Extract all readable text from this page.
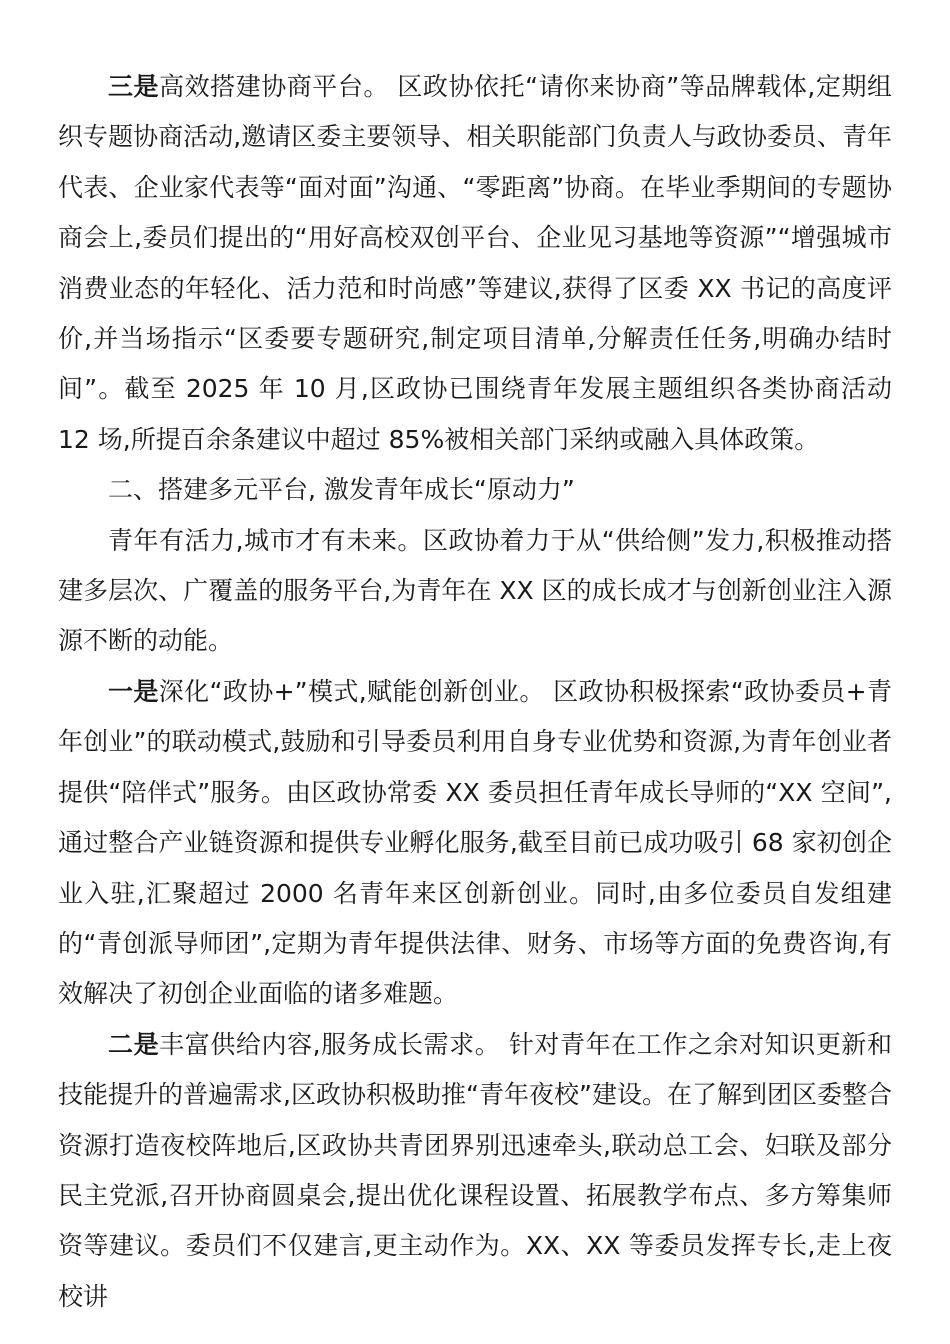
三是高效搭建协商平台。 区政协依托“请你来协商”等品牌载体,定期组织专题协商活动,邀请区委主要领导、相关职能部门负责人与政协委员、青年代表、企业家代表等“面对面”沟通、“零距离”协商。在毕业季期间的专题协商会上,委员们提出的“用好高校双创平台、企业见习基地等资源”“增强城市消费业态的年轻化、活力范和时尚感”等建议,获得了区委 XX 书记的高度评价,并当场指示“区委要专题研究,制定项目清单,分解责任任务,明确办结时间”。截至 2025 年 10 月,区政协已围绕青年发展主题组织各类协商活动 12 场,所提百余条建议中超过 85%被相关部门采纳或融入具体政策。

二、搭建多元平台, 激发青年成长“原动力”

青年有活力,城市才有未来。区政协着力于从“供给侧”发力,积极推动搭建多层次、广覆盖的服务平台,为青年在 XX 区的成长成才与创新创业注入源源不断的动能。

一是深化“政协+”模式,赋能创新创业。 区政协积极探索“政协委员+青年创业”的联动模式,鼓励和引导委员利用自身专业优势和资源,为青年创业者提供“陪伴式”服务。由区政协常委 XX 委员担任青年成长导师的“XX 空间”,通过整合产业链资源和提供专业孵化服务,截至目前已成功吸引 68 家初创企业入驻,汇聚超过 2000 名青年来区创新创业。同时,由多位委员自发组建的“青创派导师团”,定期为青年提供法律、财务、市场等方面的免费咨询,有效解决了初创企业面临的诸多难题。

二是丰富供给内容,服务成长需求。 针对青年在工作之余对知识更新和技能提升的普遍需求,区政协积极助推“青年夜校”建设。在了解到团区委整合资源打造夜校阵地后,区政协共青团界别迅速牵头,联动总工会、妇联及部分民主党派,召开协商圆桌会,提出优化课程设置、拓展教学布点、多方筹集师资等建议。委员们不仅建言,更主动作为。XX、XX 等委员发挥专长,走上夜校讲
